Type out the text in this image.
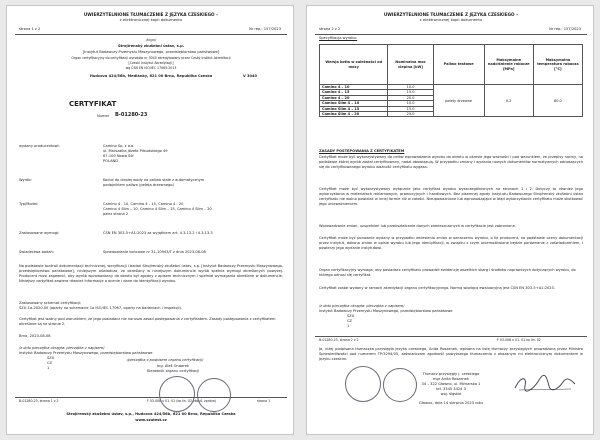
UWIERZYTELNIONE TŁUMACZENIE Z JĘZYKA CZESKIEGO –
z elektronicznej kopii dokumentu
strona 1 z 2	Nr rep.: 157/2023
/logo/
Strojírenský zkušební ústav, s.p.
[Instytut Badawczy Przemysłu Maszynowego, przedsiębiorstwo państwowe]
Organ certyfikacyjny do certyfikacji wyrobów nr 3040 akredytowany przez Český institut Akreditacji
[Czeski Instytut Akredytacji]
wg ČSN EN ISO/IEC 17065:2013
Hudcova 424/56b, Medlánky, 621 00 Brno, Republika Czeska	V 3040
CERTYFIKAT
Numer B-01280-23
wydany producentowi:	Camino Sp. z o.o.
ul. Marszałka Józefa Piłsudskiego 49
67-100 Nowa Sól
POLAND
Wyrób:	Kocioł do ciepłej wody na paliwa stałe z automatycznym
podajnikiem paliwa (peleta drzewnego)
Typ/Model:	Camino 4 - 10, Camino 4 - 15, Camino 4 - 20
Camino 4 Slim – 10, Camino 4 Slim – 15, Camino 4 Slim – 20
patrz strona 2
Zastosowane wymogi:	ČSN EN 303-5+A1:2023 za wyjątkiem art. 4.3.13.2 i 4.3.13.3
Świadectwa badań:	Sprawozdanie końcowe nr 31-10943/T z dnia 2023-08-08
Na podstawie kontroli dokumentacji technicznej, weryfikacji i badań Strojírenský zkušební ústav, s.p. [Instytut Badawczy Przemysłu Maszynowego, przedsiębiorstwo państwowe], niniejszym oświadcza, że określony w niniejszym dokumencie wyrób spełnia wymogi określonych powyżej. Producent musi zapewnić, aby wyrób wprowadzany do obrotu był zgodny z opisem technicznym i spełniał wymagania określone w dokumencie. Niniejszy certyfikat zawiera również informacje o ocenie i dane do identyfikacji wyrobu.
Zastosowany schemat certyfikacji:
SZÚ-1a-2020.00 (oparty na schemacie 1a ISO/IEC 17067, oparty na badaniach i inspekcji).
Certyfikat jest ważny pod warunkiem, że jego posiadacz nie narusza zasad postępowania z certyfikatem. Zasady postępowania z certyfikatem określone są na stronie 2.
Brno, 2023-08-08
/z dołu pieczątka okrągła: pieczątka z napisem/
Instytut Badawczy Przemysłu Maszynowego, przedsiębiorstwo państwowe
SZÚ
CZ
1
/pieczątka z podpisem organu certyfikacji/
Ing. Aleš Ondarek
Kierownik organu certyfikacji
B-01280-23, strona 1 z 2	F 03-008 v 01. 01 (ko lin. 02 zkouš. zpráva)	strona 1
Strojírenský zkušební ústav, s.p., Hudcova 424/56b, 621 00 Brno, Republika Czeska
www.szutest.cz
UWIERZYTELNIONE TŁUMACZENIE Z JĘZYKA CZESKIEGO –
z elektronicznej kopii dokumentu
strona 2 z 2	Nr rep.: 157/2023
Specyfikacja wyrobu:
Wersja kotła w zależności od mocy	Nominalna moc cieplna [kW]	Paliwo testowe	Maksymalne nadciśnienie robocze [MPa]	Maksymalna temperatura robocza [°C]
Camino 4 – 10	10.0	pelety drzewne	0.2	80.0
Camino 4 – 15	15.0			
Camino 4 – 20	20.0			
Camino Slim 4 – 10	10.0			
Camino Slim 4 – 15	15.0			
Camino Slim 4 – 20	20.0			
ZASADY POSTĘPOWANIA Z CERTYFIKATEM
Certyfikat może być wykorzystywany do celów wprowadzania wyrobu do obrotu w okresie jego ważności i pod warunkiem, że przepisy normy, na podstawie której wyrób został certyfikowany, nadal obowiązują. W przypadku zmiany i wydania nowych dokumentów normatywnych odnoszących się do certyfikowanego wyrobu ważność certyfikatu wygasa.
Certyfikat może być wykorzystywany wyłącznie jako certyfikat wyrobu wyszczególnionych na stronach 1 i 2. Dotyczy to również jego wykorzystania w materiałach reklamowych, promocyjnych i handlowych. Bez pisemnej zgody Instytutu Badawczego Strojírenský zkušební ústav certyfikatu nie wolno powielać w innej formie niż w całości. Nieupoważnione lub wprowadzające w błąd wykorzystanie certyfikatu może skutkować jego unieważnieniem.
Wprowadzanie zmian, uzupełnień lub przekształcanie danych zamieszczonych w certyfikacie jest zabronione.
Certyfikat może być ponownie wydany w przypadku wniesienia zmian w oznaczeniu wyrobu, o ile producent, na podstawie oceny dokumentacji przez instytut, dokona zmian w opisie wyrobu lub jego identyfikacji, w związku z czym uniemożliwione będzie porównanie z zaświadczeniem, i powierzy jego wydanie instytutowi.
Organ certyfikacyjny wymaga, aby posiadacz certyfikatu prowadził ewidencję wszelkich skarg i środków naprawczych dotyczących wyrobu, do którego odnosi się certyfikat.
Certyfikat został wydany w ramach akredytacji organu certyfikacyjnego. Normą wiodącą ewaluacyjną jest ČSN EN 303-5+A1:2023.
/z dołu pieczątka okrągła: pieczątka z napisem/
Instytut Badawczy Przemysłu Maszynowego, przedsiębiorstwo państwowe
SZÚ
CZ
1
B-01280-23, strona 2 z 2	F 03-008 v 01. 01 ko lin. 02
Ja, niżej podpisana tłumaczka przysięgła języka czeskiego, Anita Roszenek, wpisana na listę tłumaczy przysięgłych prowadzoną przez Ministra Sprawiedliwości pod numerem TP/3294/05, zaświadczam zgodność powyższego tłumaczenia z okazanym mi elektronicznym dokumentem w języku czeskim.
Tłumacz przysięgły j. czeskiego
mgr Anita Roszenek
34 – 322 Głowno, ul. Mirnarska 1
tel. 3345 3424 3
woj. śląskie
Głowno, dnia 14 sierpnia 2023 roku
